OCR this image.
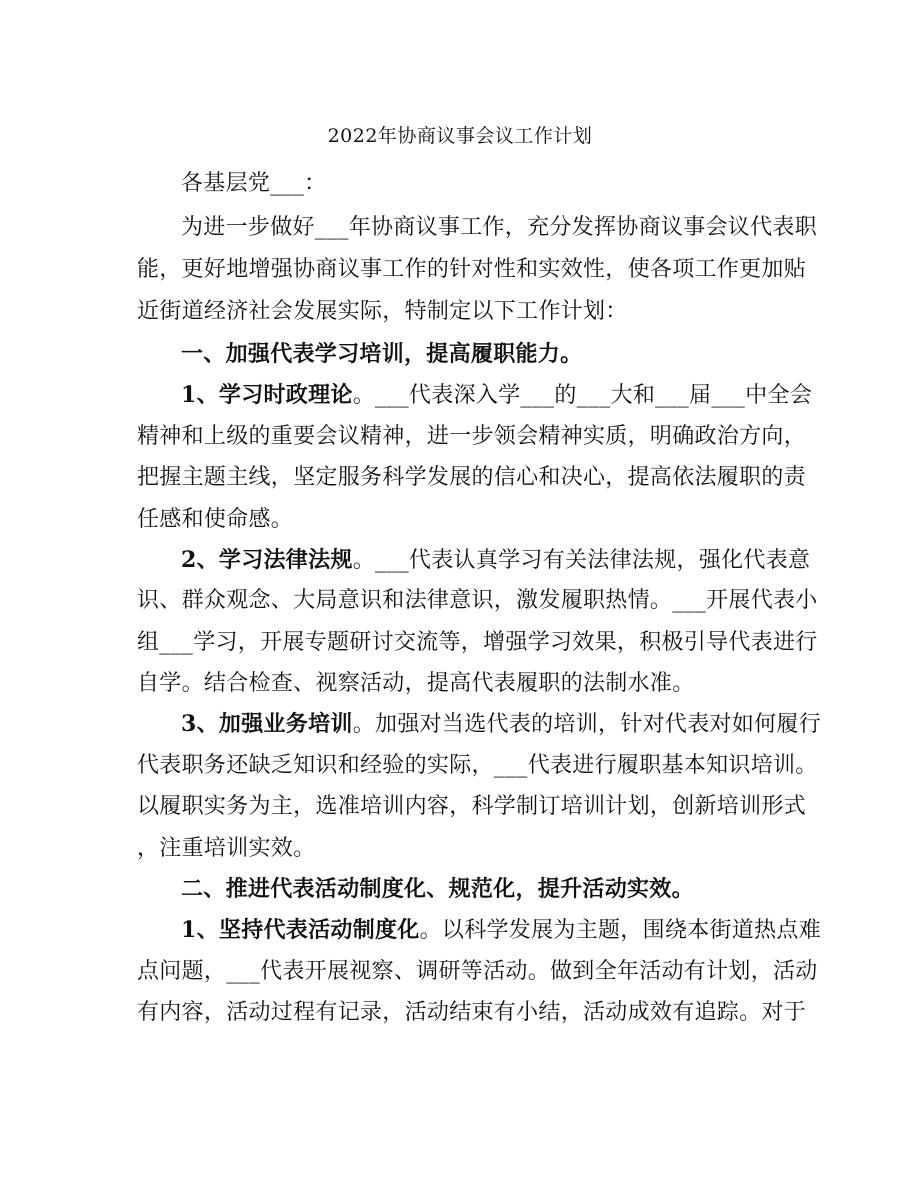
2022年协商议事会议工作计划
各基层党___：
为进一步做好___年协商议事工作，充分发挥协商议事会议代表职
能，更好地增强协商议事工作的针对性和实效性，使各项工作更加贴
近街道经济社会发展实际，特制定以下工作计划：
一、加强代表学习培训，提高履职能力。
1、学习时政理论。___代表深入学___的___大和___届___中全会
精神和上级的重要会议精神，进一步领会精神实质，明确政治方向，
把握主题主线，坚定服务科学发展的信心和决心，提高依法履职的责
任感和使命感。
2、学习法律法规。___代表认真学习有关法律法规，强化代表意
识、群众观念、大局意识和法律意识，激发履职热情。___开展代表小
组___学习，开展专题研讨交流等，增强学习效果，积极引导代表进行
自学。结合检查、视察活动，提高代表履职的法制水准。
3、加强业务培训。加强对当选代表的培训，针对代表对如何履行
代表职务还缺乏知识和经验的实际，___代表进行履职基本知识培训。
以履职实务为主，选准培训内容，科学制订培训计划，创新培训形式
，注重培训实效。
二、推进代表活动制度化、规范化，提升活动实效。
1、坚持代表活动制度化。以科学发展为主题，围绕本街道热点难
点问题，___代表开展视察、调研等活动。做到全年活动有计划，活动
有内容，活动过程有记录，活动结束有小结，活动成效有追踪。对于
